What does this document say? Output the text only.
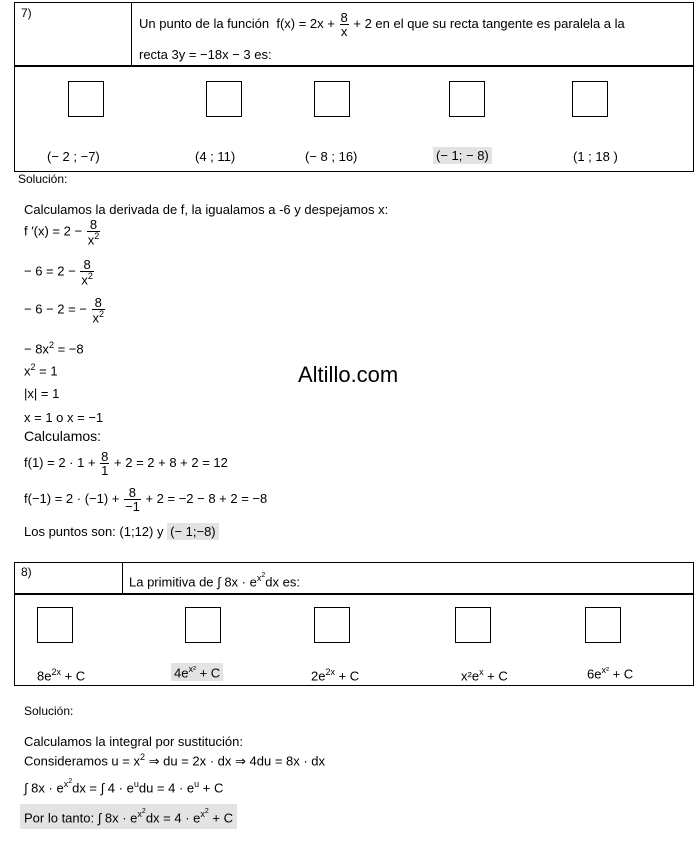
7)
Un punto de la función $f(x) = 2x + \frac{8}{x} + 2$ en el que su recta tangente es paralela a la
recta 3y = −18x − 3 es:
(− 2 ; −7)	(4 ; 11)	(− 8 ; 16)	(− 1; − 8)	(1 ; 18 )
Solución:
Calculamos la derivada de f, la igualamos a -6 y despejamos x:
f $'(x) = 2 - \frac{8}{x^2}$
− $6 = 2 - \frac{8}{x^2}$
− 6 − 2 = − $\frac{8}{x^2}$
− $8x^2 = -8$
$x^2 = 1$
|x| = 1
x = 1 o x = −1
Calculamos:
$f(1) = 2 \cdot 1 + \frac{8}{1} + 2 = 2 + 8 + 2 = 12$
$f(-1) = 2 \cdot (-1) + \frac{8}{-1} + 2 = -2 - 8 + 2 = -8$
Los puntos son: (1;12) y (− 1;−8)
Altillo.com
8)
La primitiva de ∫ $8x \cdot e^{x^2}dx$ es:
$8e^{2x} + C$	$4e^{x^2} + C$	$2e^{2x} + C$	$x^2e^x + C$	$6e^{x^2} + C$
Solución:
Calculamos la integral por sustitución:
Consideramos $u = x^2$ ⇒ du = 2x · dx ⇒ 4du = 8x · dx
∫ $8x \cdot e^{x^2}dx$ = ∫ $4 \cdot e^udu = 4 \cdot e^u + C$
Por lo tanto: ∫ $8x \cdot e^{x^2}dx = 4 \cdot e^{x^2} + C$
